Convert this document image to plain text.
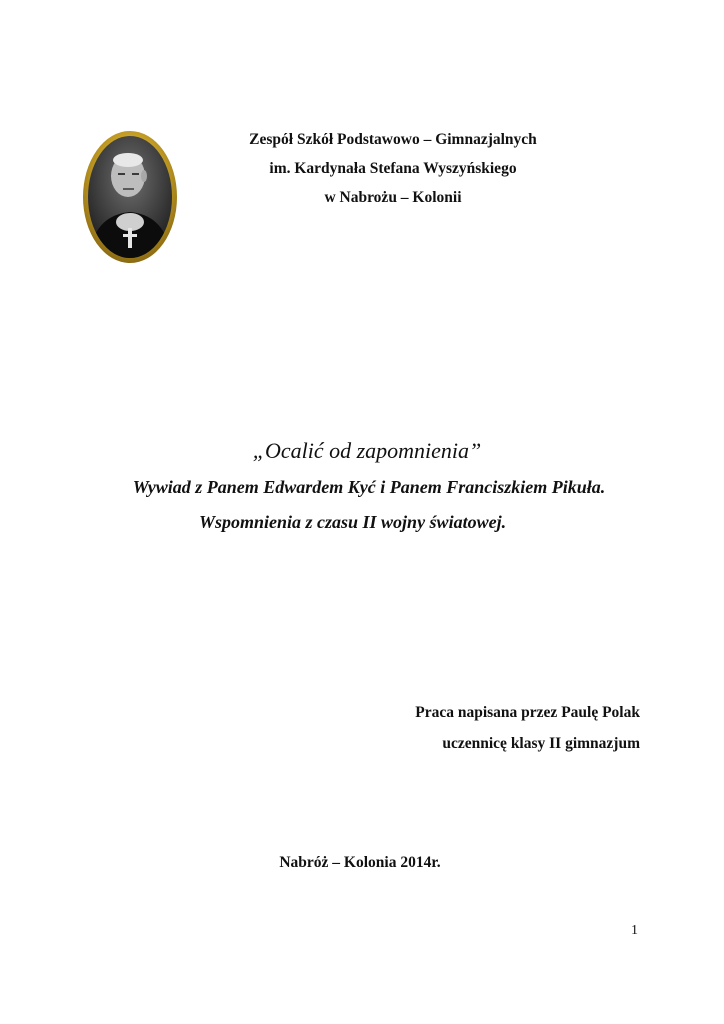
Zespół Szkół Podstawowo – Gimnazjalnych
im. Kardynała Stefana Wyszyńskiego
w Nabrożu – Kolonii
„Ocalić od zapomnienia”
Wywiad z Panem Edwardem Kyć i Panem Franciszkiem Pikuła.
Wspomnienia z czasu II wojny światowej.
Praca napisana przez Paulę Polak
uczennicę klasy II gimnazjum
Nabróż – Kolonia 2014r.
1
